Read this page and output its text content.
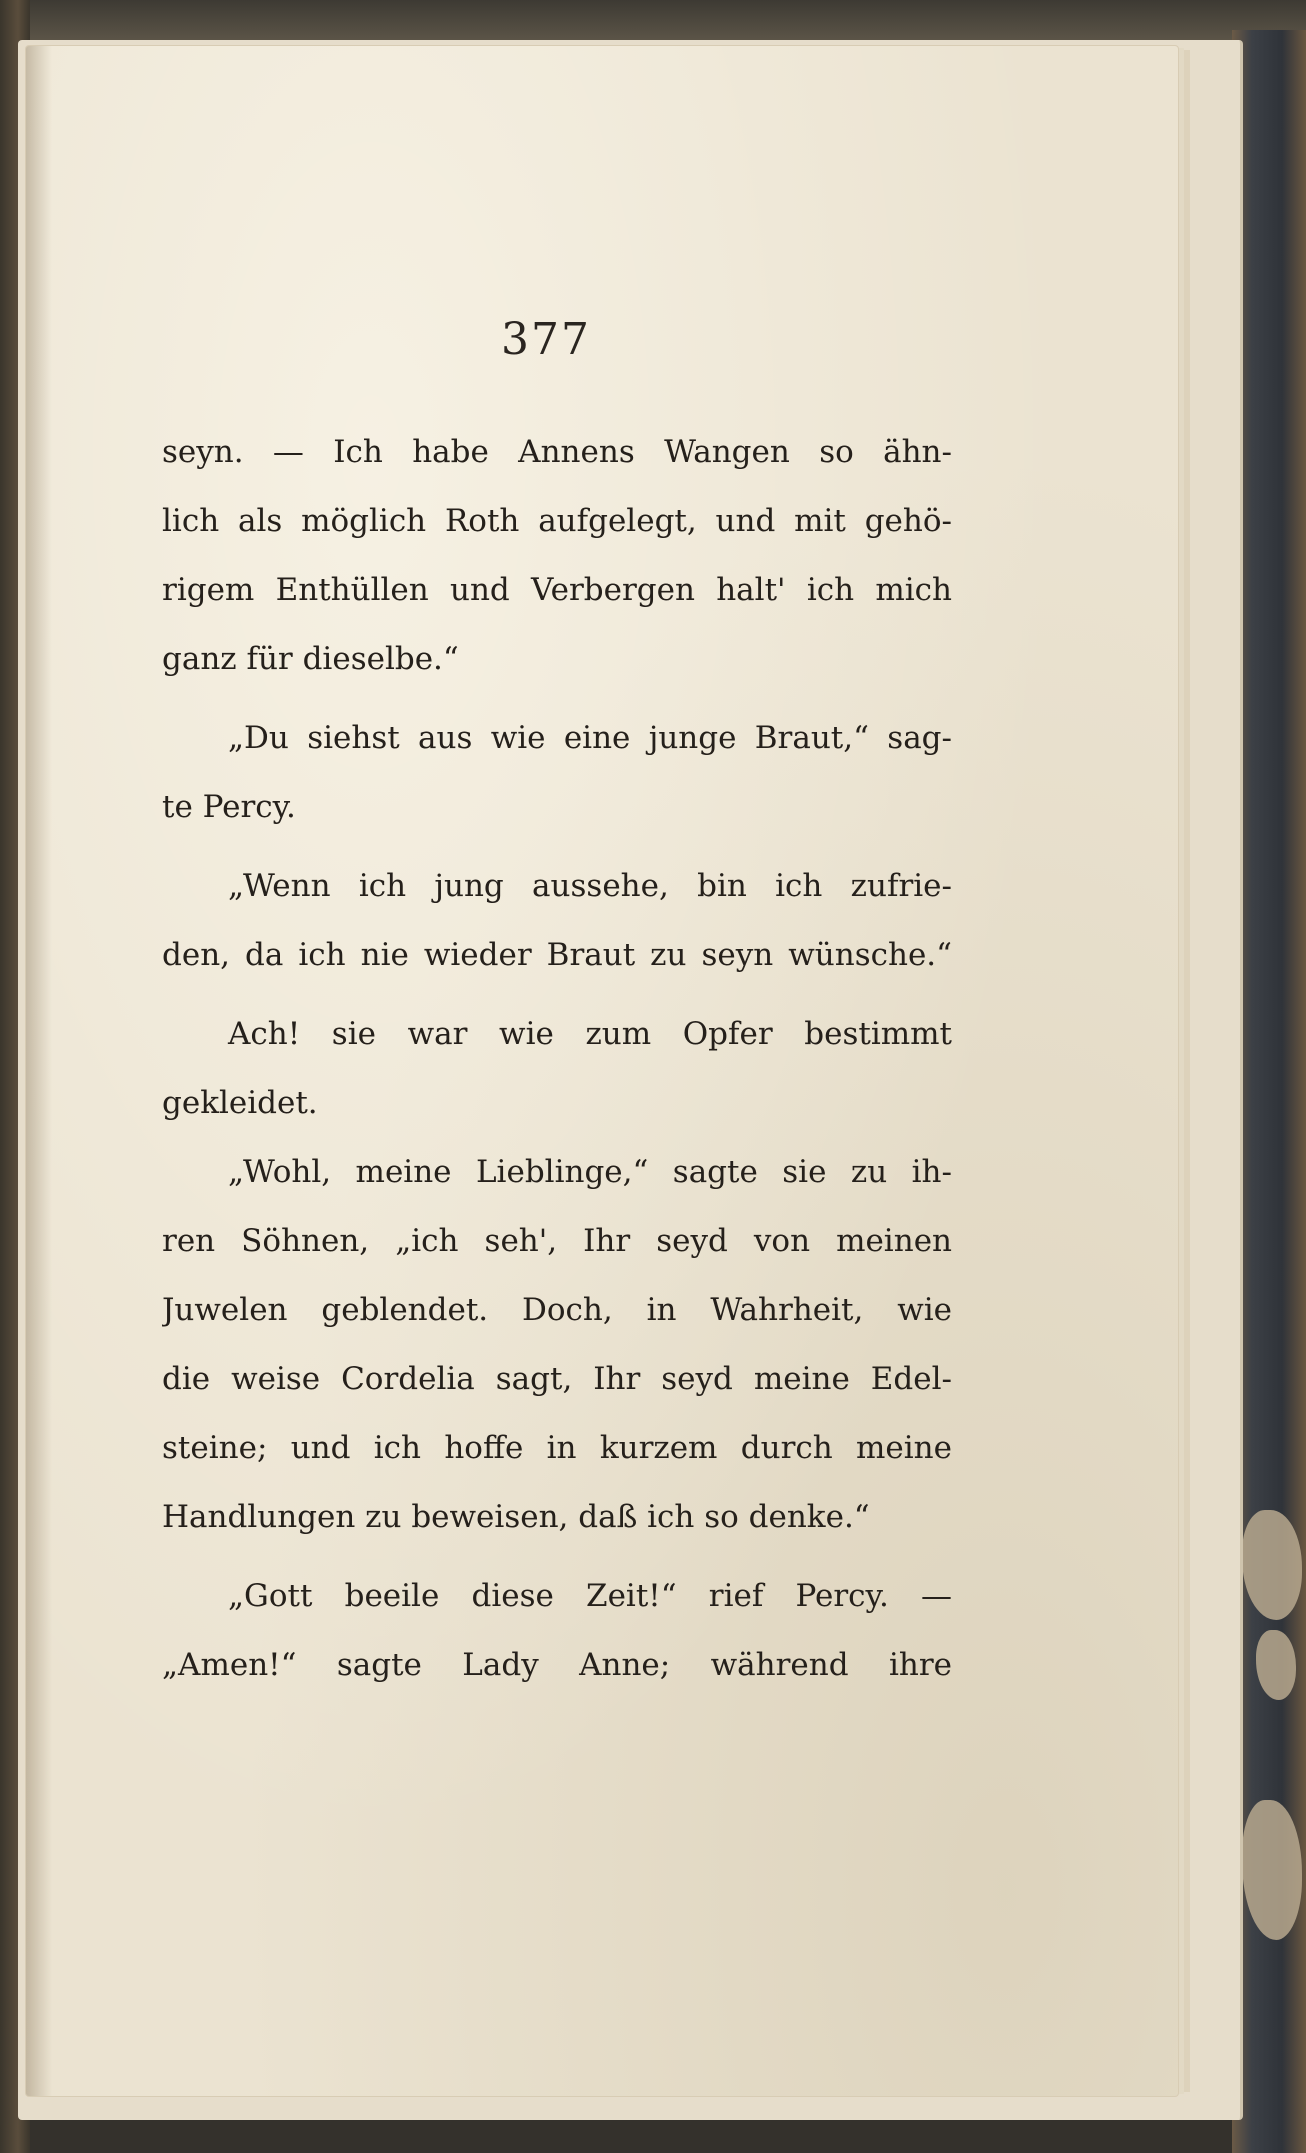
377
seyn. — Ich habe Annens Wangen so ähn-
lich als möglich Roth aufgelegt, und mit gehö-
rigem Enthüllen und Verbergen halt' ich mich
ganz für dieselbe.“
„Du siehst aus wie eine junge Braut,“ sag-
te Percy.
„Wenn ich jung aussehe, bin ich zufrie-
den, da ich nie wieder Braut zu seyn wünsche.“
Ach! sie war wie zum Opfer bestimmt
gekleidet.
„Wohl, meine Lieblinge,“ sagte sie zu ih-
ren Söhnen, „ich seh', Ihr seyd von meinen
Juwelen geblendet. Doch, in Wahrheit, wie
die weise Cordelia sagt, Ihr seyd meine Edel-
steine; und ich hoffe in kurzem durch meine
Handlungen zu beweisen, daß ich so denke.“
„Gott beeile diese Zeit!“ rief Percy. —
„Amen!“ sagte Lady Anne; während ihre
